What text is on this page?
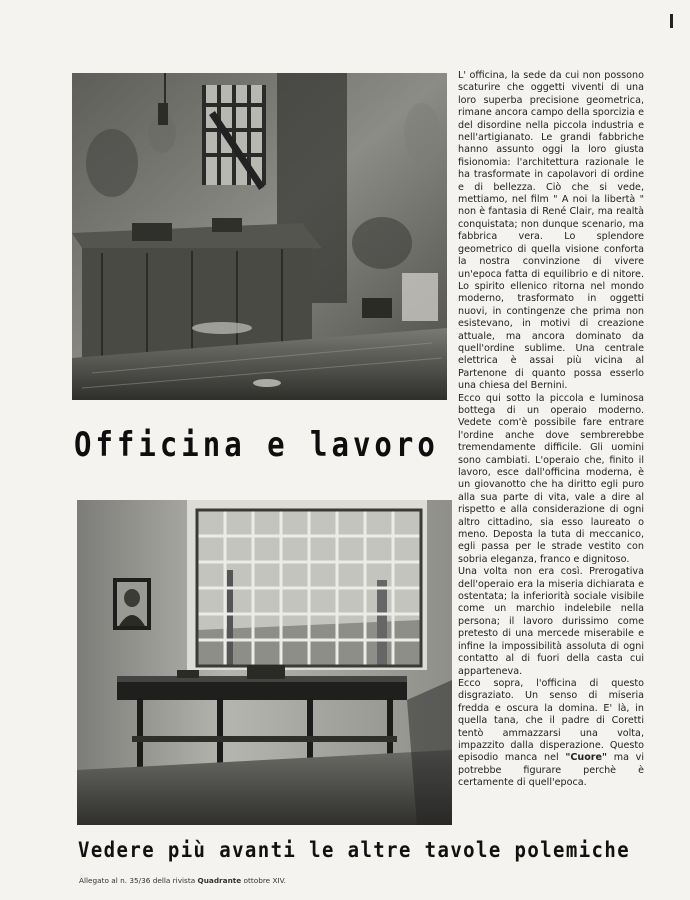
Officina e lavoro

L' officina, la sede da cui non possono scaturire che oggetti viventi di una loro superba precisione geometrica, rimane ancora campo della sporcizia e del disordine nella piccola industria e nell'artigianato. Le grandi fabbriche hanno assunto oggi la loro giusta fisionomia: l'architettura razionale le ha trasformate in capolavori di ordine e di bellezza. Ciò che si vede, mettiamo, nel film " A noi la libertà " non è fantasia di René Clair, ma realtà conquistata; non dunque scenario, ma fabbrica vera. Lo splendore geometrico di quella visione conforta la nostra convinzione di vivere un'epoca fatta di equilibrio e di nitore. Lo spirito ellenico ritorna nel mondo moderno, trasformato in oggetti nuovi, in contingenze che prima non esistevano, in motivi di creazione attuale, ma ancora dominato da quell'ordine sublime. Una centrale elettrica è assai più vicina al Partenone di quanto possa esserlo una chiesa del Bernini.

Ecco qui sotto la piccola e luminosa bottega di un operaio moderno. Vedete com'è possibile fare entrare l'ordine anche dove sembrerebbe tremendamente difficile. Gli uomini sono cambiati. L'operaio che, finito il lavoro, esce dall'officina moderna, è un giovanotto che ha diritto egli puro alla sua parte di vita, vale a dire al rispetto e alla considerazione di ogni altro cittadino, sia esso laureato o meno. Deposta la tuta di meccanico, egli passa per le strade vestito con sobria eleganza, franco e dignitoso.

Una volta non era così. Prerogativa dell'operaio era la miseria dichiarata e ostentata; la inferiorità sociale visibile come un marchio indelebile nella persona; il lavoro durissimo come pretesto di una mercede miserabile e infine la impossibilità assoluta di ogni contatto al di fuori della casta cui apparteneva.

Ecco sopra, l'officina di questo disgraziato. Un senso di miseria fredda e oscura la domina. E' là, in quella tana, che il padre di Coretti tentò ammazzarsi una volta, impazzito dalla disperazione. Questo episodio manca nel "Cuore" ma vi potrebbe figurare perchè è certamente di quell'epoca.

Vedere più avanti le altre tavole polemiche
Allegato al n. 35/36 della rivista Quadrante ottobre XIV.
